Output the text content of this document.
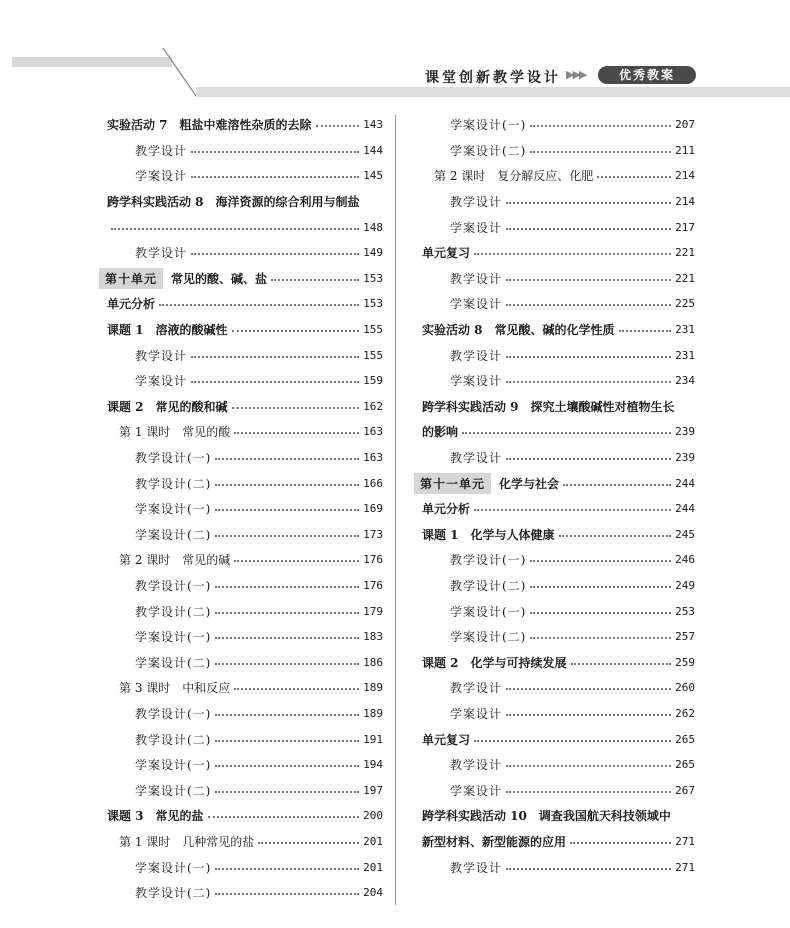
课堂创新教学设计 ▶▶▶	优秀教案
实验活动 7　粗盐中难溶性杂质的去除	143
教学设计	144
学案设计	145
跨学科实践活动 8　海洋资源的综合利用与制盐
148
教学设计	149
第十单元	常见的酸、碱、盐	153
单元分析	153
课题 1　溶液的酸碱性	155
教学设计	155
学案设计	159
课题 2　常见的酸和碱	162
第 1 课时　常见的酸	163
教学设计(一)	163
教学设计(二)	166
学案设计(一)	169
学案设计(二)	173
第 2 课时　常见的碱	176
教学设计(一)	176
教学设计(二)	179
学案设计(一)	183
学案设计(二)	186
第 3 课时　中和反应	189
教学设计(一)	189
教学设计(二)	191
学案设计(一)	194
学案设计(二)	197
课题 3　常见的盐	200
第 1 课时　几种常见的盐	201
学案设计(一)	201
教学设计(二)	204
学案设计(一)	207
学案设计(二)	211
第 2 课时　复分解反应、化肥	214
教学设计	214
学案设计	217
单元复习	221
教学设计	221
学案设计	225
实验活动 8　常见酸、碱的化学性质	231
教学设计	231
学案设计	234
跨学科实践活动 9　探究土壤酸碱性对植物生长
的影响	239
教学设计	239
第十一单元	化学与社会	244
单元分析	244
课题 1　化学与人体健康	245
教学设计(一)	246
教学设计(二)	249
学案设计(一)	253
学案设计(二)	257
课题 2　化学与可持续发展	259
教学设计	260
学案设计	262
单元复习	265
教学设计	265
学案设计	267
跨学科实践活动 10　调查我国航天科技领域中
新型材料、新型能源的应用	271
教学设计	271
